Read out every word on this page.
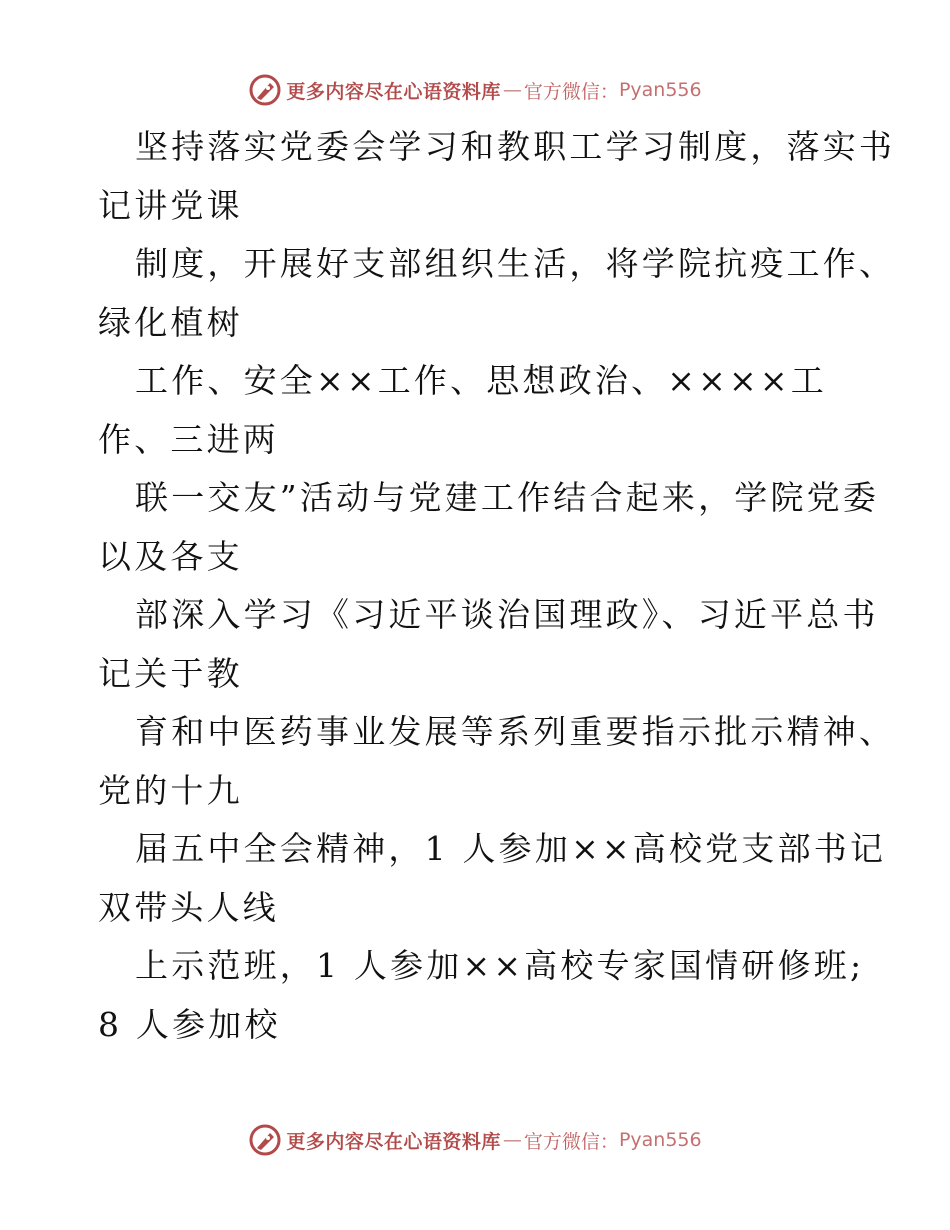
更多内容尽在心语资料库 — 官方微信： Pyan556
坚持落实党委会学习和教职工学习制度，落实书
记讲党课
制度，开展好支部组织生活，将学院抗疫工作、
绿化植树
工作、安全××工作、思想政治、××××工
作、三进两
联一交友”活动与党建工作结合起来，学院党委
以及各支
部深入学习《习近平谈治国理政》、习近平总书
记关于教
育和中医药事业发展等系列重要指示批示精神、
党的十九
届五中全会精神，1 人参加××高校党支部书记
双带头人线
上示范班，1 人参加××高校专家国情研修班;
8 人参加校
更多内容尽在心语资料库 — 官方微信： Pyan556
